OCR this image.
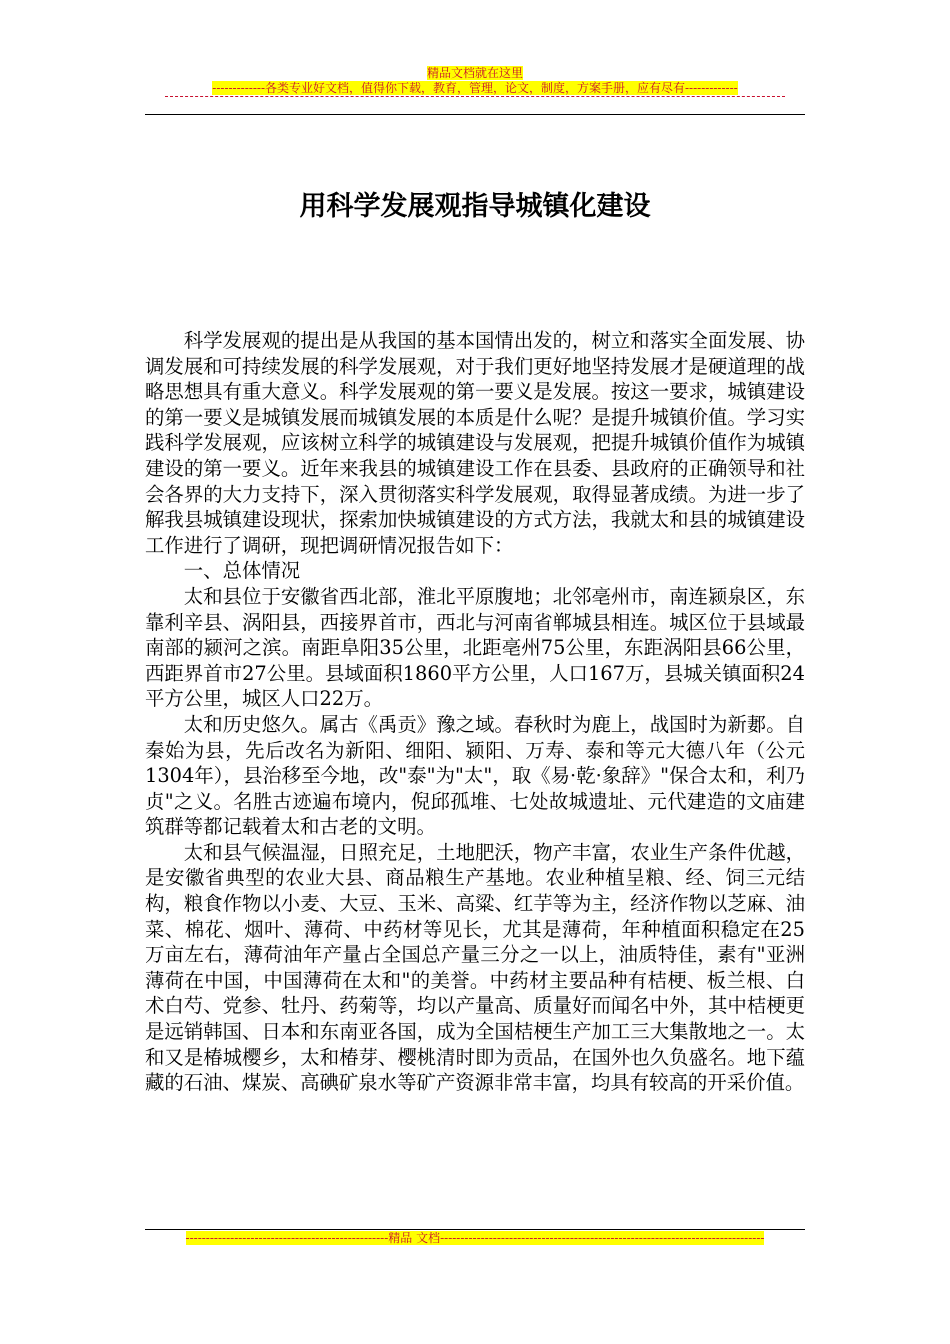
精品文档就在这里
-------------各类专业好文档，值得你下载，教育，管理，论文，制度，方案手册，应有尽有-------------
用科学发展观指导城镇化建设

科学发展观的提出是从我国的基本国情出发的，树立和落实全面发展、协调发展和可持续发展的科学发展观，对于我们更好地坚持发展才是硬道理的战略思想具有重大意义。科学发展观的第一要义是发展。按这一要求，城镇建设的第一要义是城镇发展而城镇发展的本质是什么呢？是提升城镇价值。学习实践科学发展观，应该树立科学的城镇建设与发展观，把提升城镇价值作为城镇建设的第一要义。近年来我县的城镇建设工作在县委、县政府的正确领导和社会各界的大力支持下，深入贯彻落实科学发展观，取得显著成绩。为进一步了解我县城镇建设现状，探索加快城镇建设的方式方法，我就太和县的城镇建设工作进行了调研，现把调研情况报告如下：

一、总体情况

太和县位于安徽省西北部，淮北平原腹地；北邻亳州市，南连颍泉区，东靠利辛县、涡阳县，西接界首市，西北与河南省郸城县相连。城区位于县域最南部的颍河之滨。南距阜阳35公里，北距亳州75公里，东距涡阳县66公里，西距界首市27公里。县域面积1860平方公里，人口167万，县城关镇面积24平方公里，城区人口22万。

太和历史悠久。属古《禹贡》豫之域。春秋时为鹿上，战国时为新郪。自秦始为县，先后改名为新阳、细阳、颍阳、万寿、泰和等元大德八年（公元1304年），县治移至今地，改"泰"为"太"，取《易·乾·象辞》"保合太和，利乃贞"之义。名胜古迹遍布境内，倪邱孤堆、七处故城遗址、元代建造的文庙建筑群等都记载着太和古老的文明。

太和县气候温湿，日照充足，土地肥沃，物产丰富，农业生产条件优越，是安徽省典型的农业大县、商品粮生产基地。农业种植呈粮、经、饲三元结构，粮食作物以小麦、大豆、玉米、高粱、红芋等为主，经济作物以芝麻、油菜、棉花、烟叶、薄荷、中药材等见长，尤其是薄荷，年种植面积稳定在25万亩左右，薄荷油年产量占全国总产量三分之一以上，油质特佳，素有"亚洲薄荷在中国，中国薄荷在太和"的美誉。中药材主要品种有桔梗、板兰根、白术白芍、党参、牡丹、药菊等，均以产量高、质量好而闻名中外，其中桔梗更是远销韩国、日本和东南亚各国，成为全国桔梗生产加工三大集散地之一。太和又是椿城樱乡，太和椿芽、樱桃清时即为贡品，在国外也久负盛名。地下蕴藏的石油、煤炭、高碘矿泉水等矿产资源非常丰富，均具有较高的开采价值。

--------------------------------------------------精品 文档--------------------------------------------------------------------------------
